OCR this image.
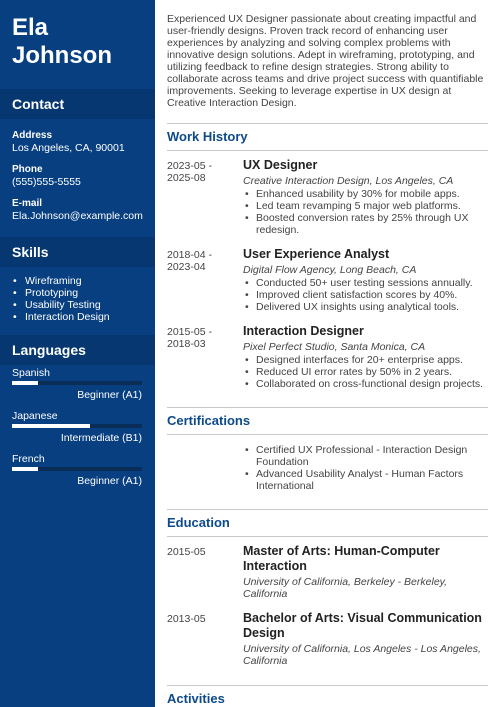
Ela
Johnson
Contact
Address
Los Angeles, CA, 90001
Phone
(555)555-5555
E-mail
Ela.Johnson@example.com
Skills
• Wireframing
• Prototyping
• Usability Testing
• Interaction Design
Languages
Spanish
Beginner (A1)
Japanese
Intermediate (B1)
French
Beginner (A1)
Experienced UX Designer passionate about creating impactful and user-friendly designs. Proven track record of enhancing user experiences by analyzing and solving complex problems with innovative design solutions. Adept in wireframing, prototyping, and utilizing feedback to refine design strategies. Strong ability to collaborate across teams and drive project success with quantifiable improvements. Seeking to leverage expertise in UX design at Creative Interaction Design.
Work History
2023-05 -
2025-08
UX Designer
Creative Interaction Design, Los Angeles, CA
• Enhanced usability by 30% for mobile apps.
• Led team revamping 5 major web platforms.
• Boosted conversion rates by 25% through UX redesign.
2018-04 -
2023-04
User Experience Analyst
Digital Flow Agency, Long Beach, CA
• Conducted 50+ user testing sessions annually.
• Improved client satisfaction scores by 40%.
• Delivered UX insights using analytical tools.
2015-05 -
2018-03
Interaction Designer
Pixel Perfect Studio, Santa Monica, CA
• Designed interfaces for 20+ enterprise apps.
• Reduced UI error rates by 50% in 2 years.
• Collaborated on cross-functional design projects.
Certifications
• Certified UX Professional - Interaction Design Foundation
• Advanced Usability Analyst - Human Factors International
Education
2015-05	Master of Arts: Human-Computer Interaction
University of California, Berkeley - Berkeley, California
2013-05	Bachelor of Arts: Visual Communication Design
University of California, Los Angeles - Los Angeles, California
Activities
